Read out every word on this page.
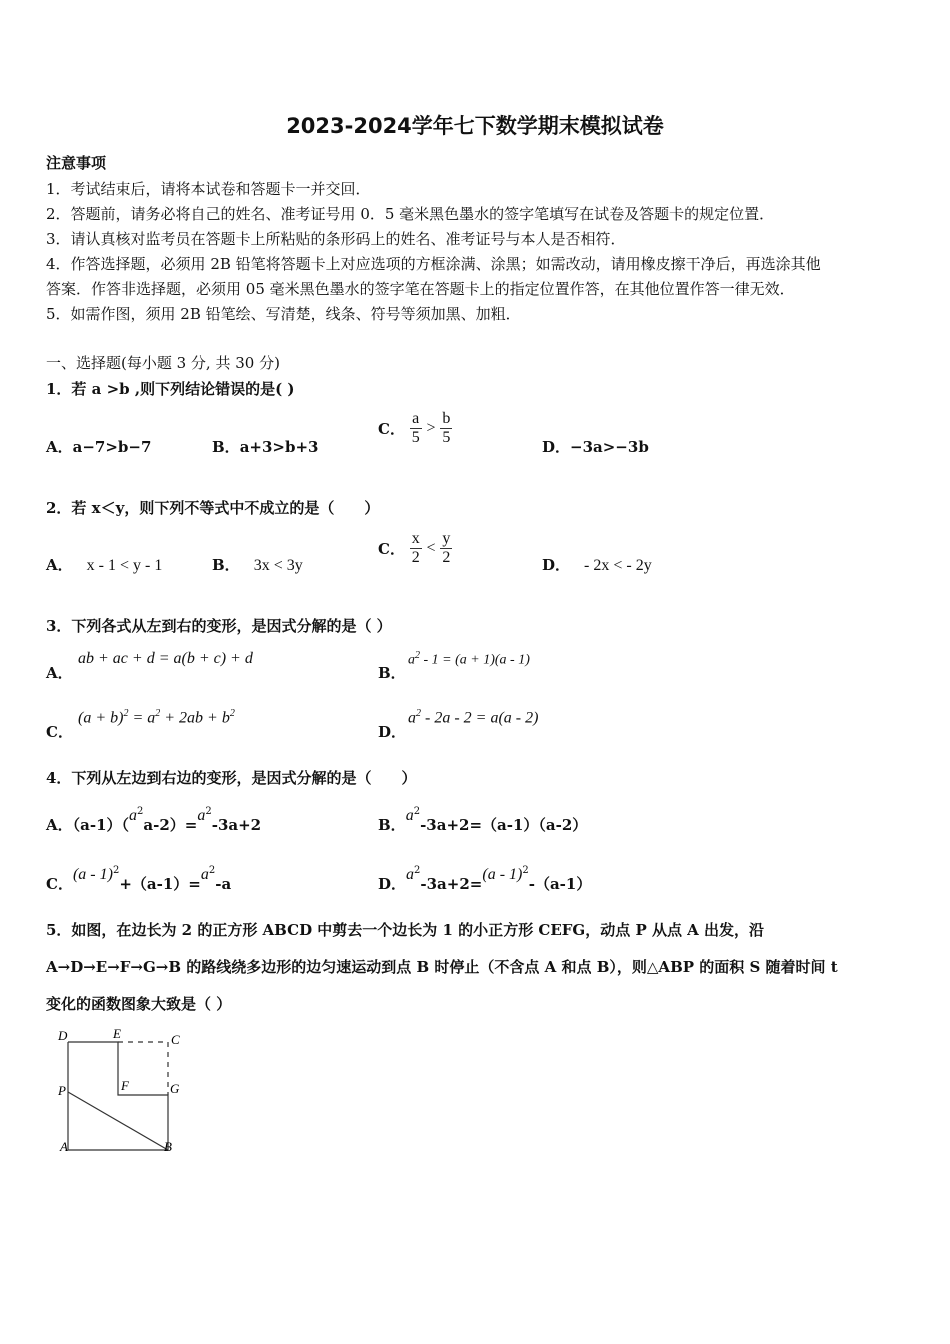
2023-2024学年七下数学期末模拟试卷
注意事项
1．考试结束后，请将本试卷和答题卡一并交回．
2．答题前，请务必将自己的姓名、准考证号用 0．5 毫米黑色墨水的签字笔填写在试卷及答题卡的规定位置．
3．请认真核对监考员在答题卡上所粘贴的条形码上的姓名、准考证号与本人是否相符．
4．作答选择题，必须用 2B 铅笔将答题卡上对应选项的方框涂满、涂黑；如需改动，请用橡皮擦干净后，再选涂其他
答案．作答非选择题，必须用 05 毫米黑色墨水的签字笔在答题卡上的指定位置作答，在其他位置作答一律无效．
5．如需作图，须用 2B 铅笔绘、写清楚，线条、符号等须加黑、加粗．
一、选择题(每小题 3 分, 共 30 分)
1．若 a >b ,则下列结论错误的是( )
A．a−7>b−7	B．a+3>b+3
C． $\frac{a}{5} > \frac{b}{5}$	D．−3a>−3b
2．若 x＜y，则下列不等式中不成立的是（　　）
A． x - 1 < y - 1	B． 3x < 3y
C． $\frac{x}{2} < \frac{y}{2}$	D． - 2x < - 2y
3．下列各式从左到右的变形，是因式分解的是（ ）
A．
ab + ac + d = a(b + c) + d
B．
$a^2 - 1 = (a + 1)(a - 1)$
C．
$(a + b)^2 = a^2 + 2ab + b^2$
D．
$a^2 - 2a - 2 = a(a - 2)$
4．下列从左边到右边的变形，是因式分解的是（　　）
A．$(a-1)(a^2a-2)=a^2-3a+2$	B．$a^2-3a+2=(a-1)(a-2)$
C．$(a - 1)^2+(a-1)=a^2-a$	D．$a^2-3a+2=(a - 1)^2-(a-1)$
5．如图，在边长为 2 的正方形 ABCD 中剪去一个边长为 1 的小正方形 CEFG，动点 P 从点 A 出发，沿
A→D→E→F→G→B 的路线绕多边形的边匀速运动到点 B 时停止（不含点 A 和点 B），则△ABP 的面积 S 随着时间 t
变化的函数图象大致是（ ）
D	E	C
P	F	G
A	B
